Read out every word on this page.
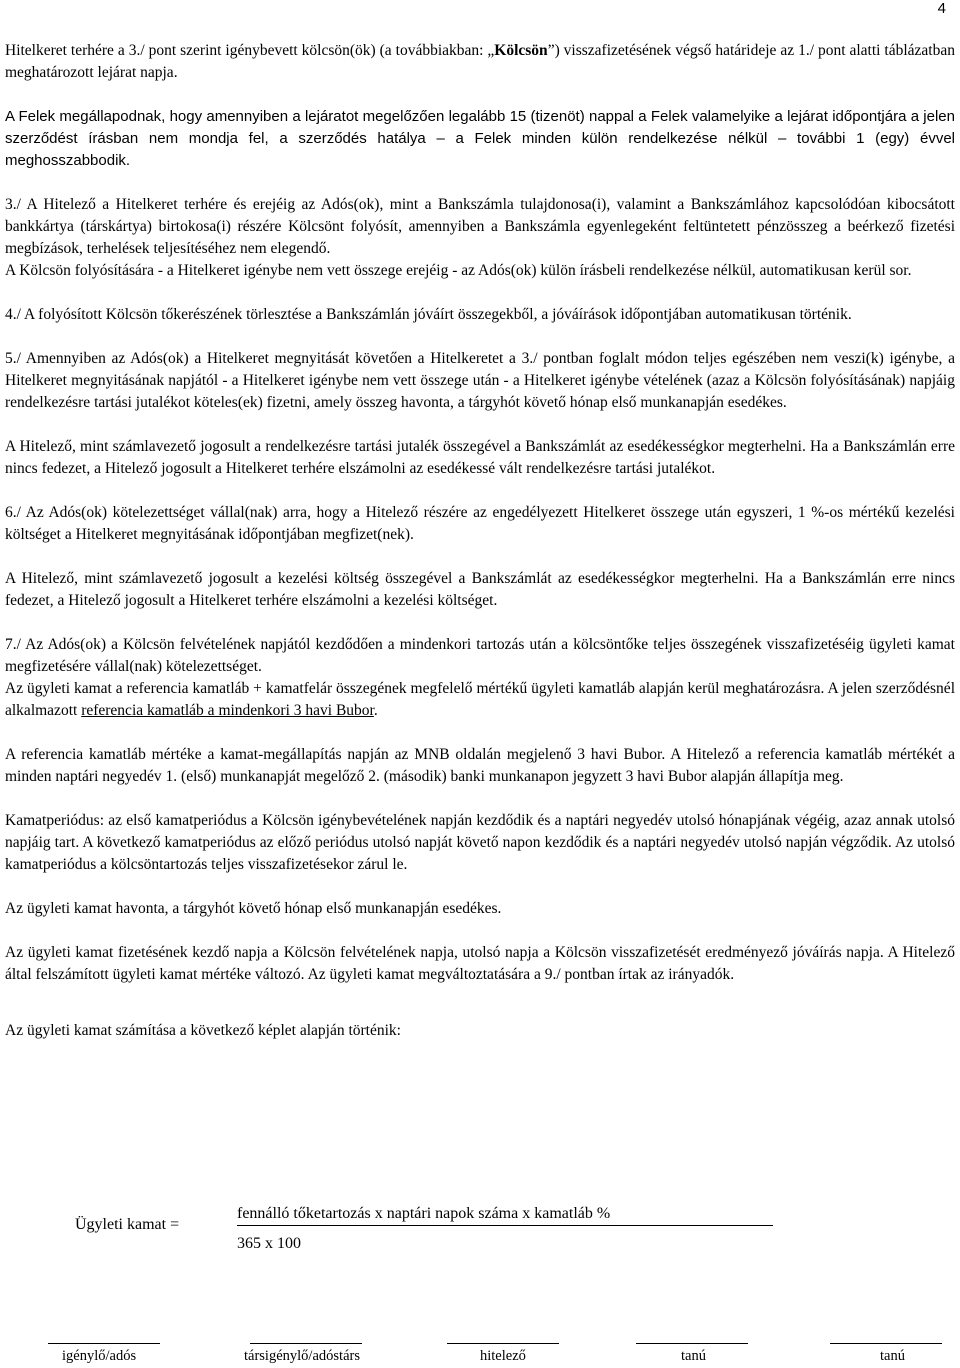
4

Hitelkeret terhére a 3./ pont szerint igénybevett kölcsön(ök) (a továbbiakban: „Kölcsön”) visszafizetésének végső határideje az 1./ pont alatti táblázatban meghatározott lejárat napja.

A Felek megállapodnak, hogy amennyiben a lejáratot megelőzően legalább 15 (tizenöt) nappal a Felek valamelyike a lejárat időpontjára a jelen szerződést írásban nem mondja fel, a szerződés hatálya – a Felek minden külön rendelkezése nélkül – további 1 (egy) évvel meghosszabbodik.

3./ A Hitelező a Hitelkeret terhére és erejéig az Adós(ok), mint a Bankszámla tulajdonosa(i), valamint a Bankszámlához kapcsolódóan kibocsátott bankkártya (társkártya) birtokosa(i) részére Kölcsönt folyósít, amennyiben a Bankszámla egyenlegeként feltüntetett pénzösszeg a beérkező fizetési megbízások, terhelések teljesítéséhez nem elegendő.

A Kölcsön folyósítására - a Hitelkeret igénybe nem vett összege erejéig - az Adós(ok) külön írásbeli rendelkezése nélkül, automatikusan kerül sor.

4./ A folyósított Kölcsön tőkerészének törlesztése a Bankszámlán jóváírt összegekből, a jóváírások időpontjában automatikusan történik.

5./ Amennyiben az Adós(ok) a Hitelkeret megnyitását követően a Hitelkeretet a 3./ pontban foglalt módon teljes egészében nem veszi(k) igénybe, a Hitelkeret megnyitásának napjától - a Hitelkeret igénybe nem vett összege után - a Hitelkeret igénybe vételének (azaz a Kölcsön folyósításának) napjáig rendelkezésre tartási jutalékot köteles(ek) fizetni, amely összeg havonta, a tárgyhót követő hónap első munkanapján esedékes.

A Hitelező, mint számlavezető jogosult a rendelkezésre tartási jutalék összegével a Bankszámlát az esedékességkor megterhelni. Ha a Bankszámlán erre nincs fedezet, a Hitelező jogosult a Hitelkeret terhére elszámolni az esedékessé vált rendelkezésre tartási jutalékot.

6./ Az Adós(ok) kötelezettséget vállal(nak) arra, hogy a Hitelező részére az engedélyezett Hitelkeret összege után egyszeri, 1 %-os mértékű kezelési költséget a Hitelkeret megnyitásának időpontjában megfizet(nek).

A Hitelező, mint számlavezető jogosult a kezelési költség összegével a Bankszámlát az esedékességkor megterhelni. Ha a Bankszámlán erre nincs fedezet, a Hitelező jogosult a Hitelkeret terhére elszámolni a kezelési költséget.

7./ Az Adós(ok) a Kölcsön felvételének napjától kezdődően a mindenkori tartozás után a kölcsöntőke teljes összegének visszafizetéséig ügyleti kamat megfizetésére vállal(nak) kötelezettséget.

Az ügyleti kamat a referencia kamatláb + kamatfelár összegének megfelelő mértékű ügyleti kamatláb alapján kerül meghatározásra. A jelen szerződésnél alkalmazott referencia kamatláb a mindenkori 3 havi Bubor.

A referencia kamatláb mértéke a kamat-megállapítás napján az MNB oldalán megjelenő 3 havi Bubor. A Hitelező a referencia kamatláb mértékét a minden naptári negyedév 1. (első) munkanapját megelőző 2. (második) banki munkanapon jegyzett 3 havi Bubor alapján állapítja meg.

Kamatperiódus: az első kamatperiódus a Kölcsön igénybevételének napján kezdődik és a naptári negyedév utolsó hónapjának végéig, azaz annak utolsó napjáig tart. A következő kamatperiódus az előző periódus utolsó napját követő napon kezdődik és a naptári negyedév utolsó napján végződik. Az utolsó kamatperiódus a kölcsöntartozás teljes visszafizetésekor zárul le.

Az ügyleti kamat havonta, a tárgyhót követő hónap első munkanapján esedékes.

Az ügyleti kamat fizetésének kezdő napja a Kölcsön felvételének napja, utolsó napja a Kölcsön visszafizetését eredményező jóváírás napja. A Hitelező által felszámított ügyleti kamat mértéke változó. Az ügyleti kamat megváltoztatására a 9./ pontban írtak az irányadók.

Az ügyleti kamat számítása a következő képlet alapján történik:

Ügyleti kamat =
fennálló tőketartozás x naptári napok száma x kamatláb %
365 x 100
igénylő/adós	társigénylő/adóstárs	hitelező	tanú	tanú
